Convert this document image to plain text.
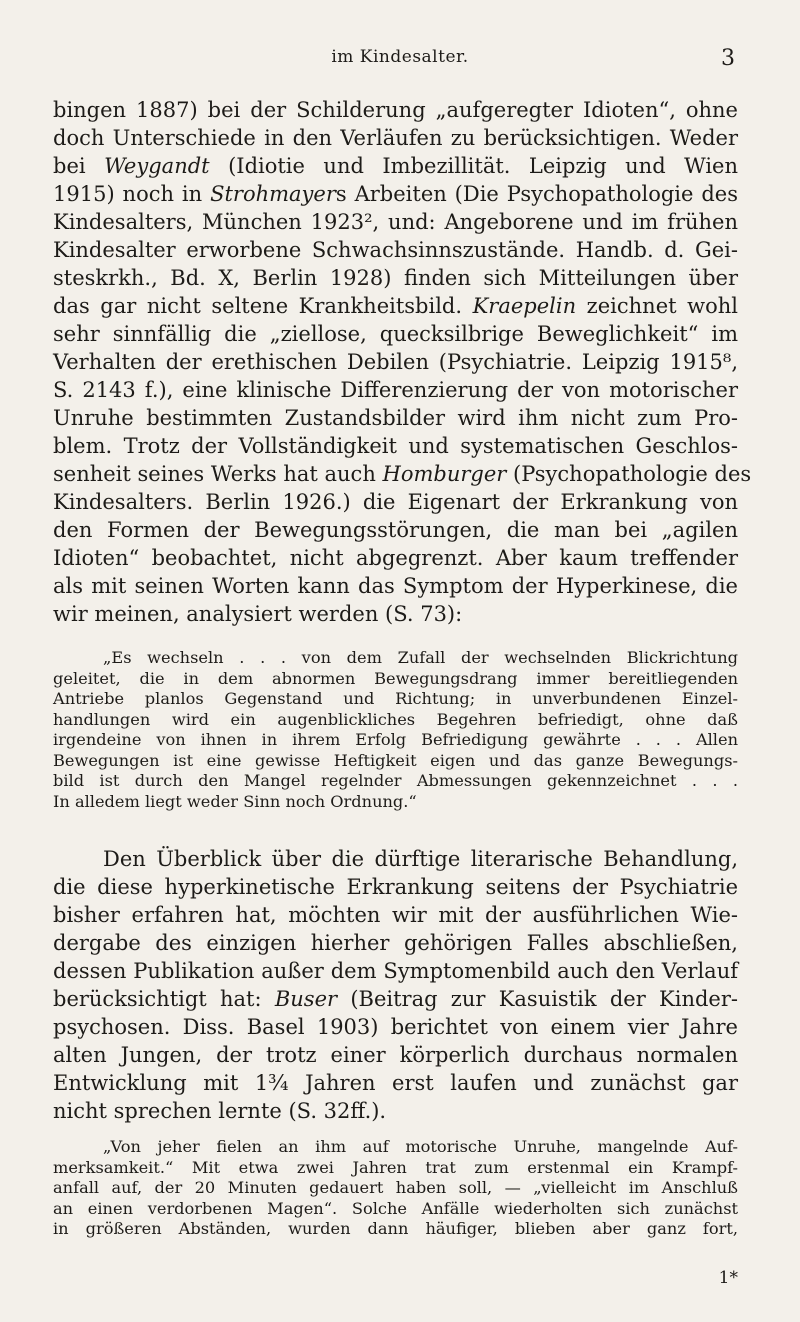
im Kindesalter.	3
bingen 1887) bei der Schilderung „aufgeregter Idioten“, ohne
doch Unterschiede in den Verläufen zu berücksichtigen. Weder
bei Weygandt (Idiotie und Imbezillität. Leipzig und Wien
1915) noch in Strohmayers Arbeiten (Die Psychopathologie des
Kindesalters, München 1923², und: Angeborene und im frühen
Kindesalter erworbene Schwachsinnszustände. Handb. d. Gei-
steskrkh., Bd. X, Berlin 1928) finden sich Mitteilungen über
das gar nicht seltene Krankheitsbild. Kraepelin zeichnet wohl
sehr sinnfällig die „ziellose, quecksilbrige Beweglichkeit“ im
Verhalten der erethischen Debilen (Psychiatrie. Leipzig 1915⁸,
S. 2143 f.), eine klinische Differenzierung der von motorischer
Unruhe bestimmten Zustandsbilder wird ihm nicht zum Pro-
blem. Trotz der Vollständigkeit und systematischen Geschlos-
senheit seines Werks hat auch Homburger (Psychopathologie des
Kindesalters. Berlin 1926.) die Eigenart der Erkrankung von
den Formen der Bewegungsstörungen, die man bei „agilen
Idioten“ beobachtet, nicht abgegrenzt. Aber kaum treffender
als mit seinen Worten kann das Symptom der Hyperkinese, die
wir meinen, analysiert werden (S. 73):
„Es wechseln . . . von dem Zufall der wechselnden Blickrichtung
geleitet, die in dem abnormen Bewegungsdrang immer bereitliegenden
Antriebe planlos Gegenstand und Richtung; in unverbundenen Einzel-
handlungen wird ein augenblickliches Begehren befriedigt, ohne daß
irgendeine von ihnen in ihrem Erfolg Befriedigung gewährte . . . Allen
Bewegungen ist eine gewisse Heftigkeit eigen und das ganze Bewegungs-
bild ist durch den Mangel regelnder Abmessungen gekennzeichnet . . .
In alledem liegt weder Sinn noch Ordnung.“
Den Überblick über die dürftige literarische Behandlung,
die diese hyperkinetische Erkrankung seitens der Psychiatrie
bisher erfahren hat, möchten wir mit der ausführlichen Wie-
dergabe des einzigen hierher gehörigen Falles abschließen,
dessen Publikation außer dem Symptomenbild auch den Verlauf
berücksichtigt hat: Buser (Beitrag zur Kasuistik der Kinder-
psychosen. Diss. Basel 1903) berichtet von einem vier Jahre
alten Jungen, der trotz einer körperlich durchaus normalen
Entwicklung mit 1¾ Jahren erst laufen und zunächst gar
nicht sprechen lernte (S. 32ff.).
„Von jeher fielen an ihm auf motorische Unruhe, mangelnde Auf-
merksamkeit.“ Mit etwa zwei Jahren trat zum erstenmal ein Krampf-
anfall auf, der 20 Minuten gedauert haben soll, — „vielleicht im Anschluß
an einen verdorbenen Magen“. Solche Anfälle wiederholten sich zunächst
in größeren Abständen, wurden dann häufiger, blieben aber ganz fort,
1*
